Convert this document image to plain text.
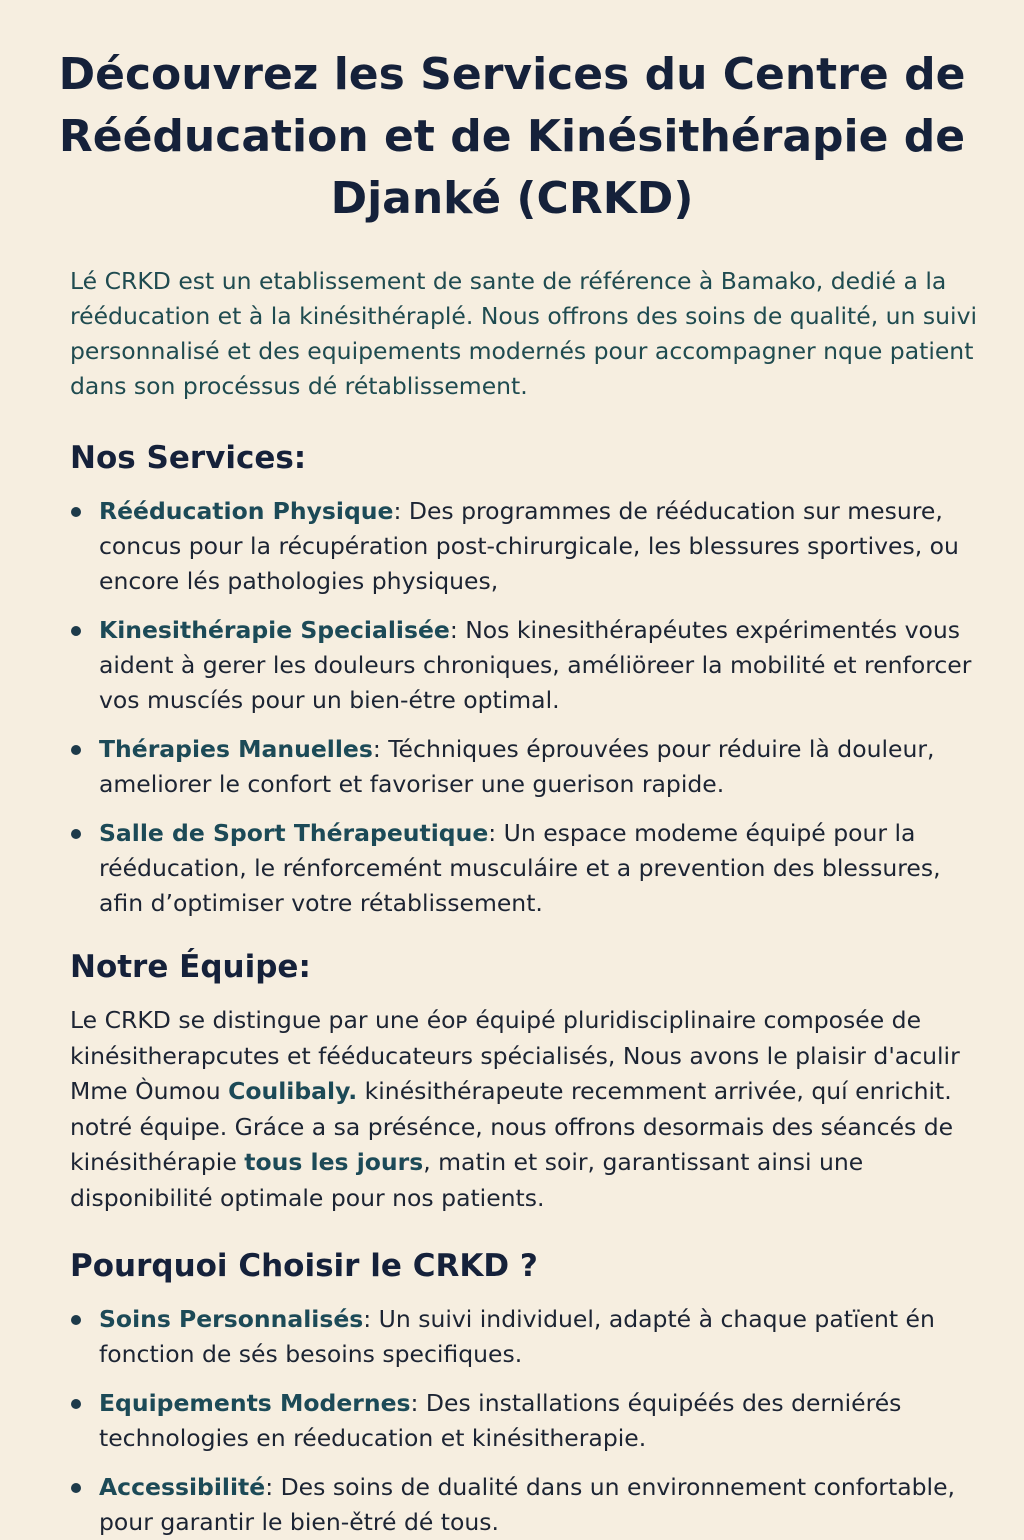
Découvrez les Services du Centre de Rééducation et de Kinésithérapie de Djanké (CRKD)

Lé CRKD est un etablissement de sante de référence à Bamako, dedié a la rééducation et à la kinésithéraplé. Nous offrons des soins de qualité, un suivi personnalisé et des equipements modernés pour accompagner nque patient dans son procéssus dé rétablissement.

Nos Services:
Rééducation Physique: Des programmes de rééducation sur mesure, concus pour la récupération post-chirurgicale, les blessures sportives, ou encore lés pathologies physiques,
Kinesithérapie Specialisée: Nos kinesithérapéutes expérimentés vous aident à gerer les douleurs chroniques, améliöreer la mobilité et renforcer vos muscíés pour un bien-étre optimal.
Thérapies Manuelles: Téchniques éprouvées pour réduire là douleur, ameliorer le confort et favoriser une guerison rapide.
Salle de Sport Thérapeutique: Un espace modeme équipé pour la rééducation, le rénforcemént musculáire et a prevention des blessures, afin d’optimiser votre rétablissement.
Notre Équipe:

Le CRKD se distingue par une éoᴘ équipé pluridisciplinaire composée de kinésitherapcutes et fééducateurs spécialisés, Nous avons le plaisir d'aculir Mme Òumou Coulibaly. kinésithérapeute recemment arrivée, quí enrichit. notré équipe. Gráce a sa présénce, nous offrons desormais des séancés de kinésithérapie tous les jours, matin et soir, garantissant ainsi une disponibilité optimale pour nos patients.

Pourquoi Choisir le CRKD ?
Soins Personnalisés: Un suivi individuel, adapté à chaque patïent én fonction de sés besoins specifiques.
Equipements Modernes: Des installations équipéés des derniérés technologies en réeducation et kinésitherapie.
Accessibilité: Des soins de dualité dans un environnement confortable, pour garantir le bien-ětré dé tous.
